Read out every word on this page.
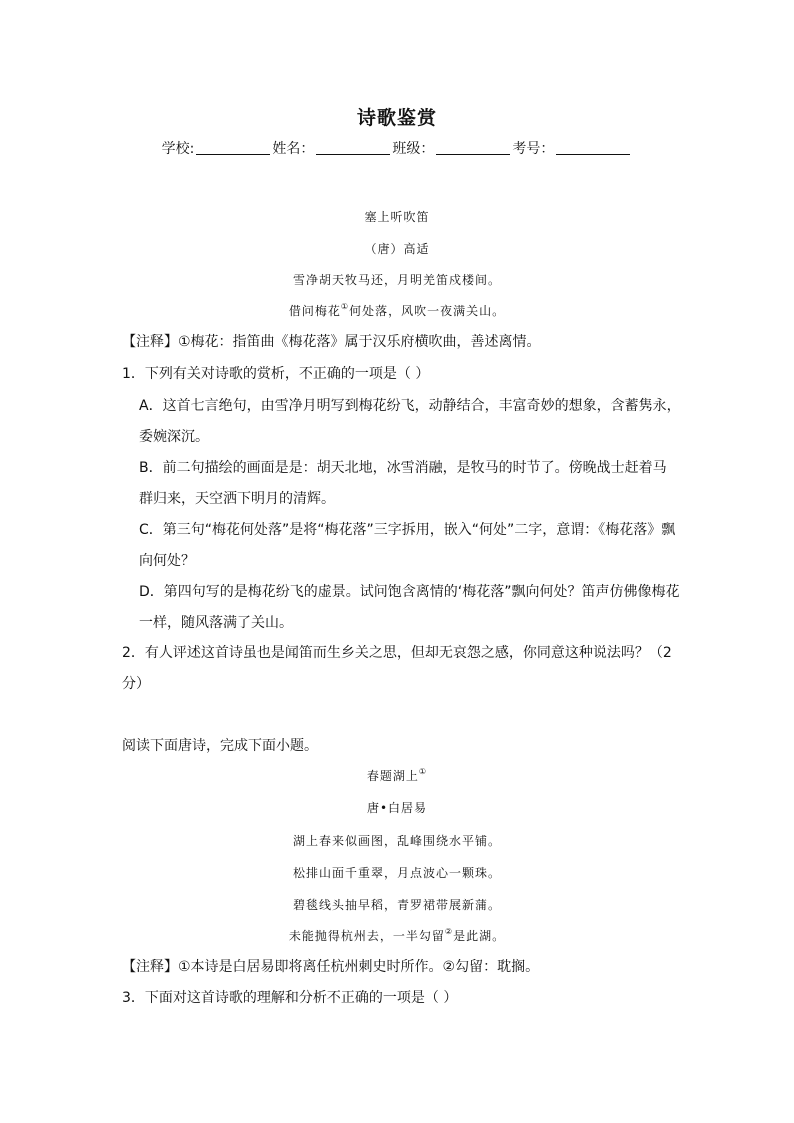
诗歌鉴赏
学校:	姓名：	班级：	考号：
塞上听吹笛
（唐）高适
雪净胡天牧马还，月明羌笛戍楼间。
借问梅花①何处落，风吹一夜满关山。
【注释】①梅花：指笛曲《梅花落》属于汉乐府横吹曲，善述离情。
1．下列有关对诗歌的赏析，不正确的一项是（ ）
A．这首七言绝句，由雪净月明写到梅花纷飞，动静结合，丰富奇妙的想象，含蓄隽永，
委婉深沉。
B．前二句描绘的画面是是：胡天北地，冰雪消融，是牧马的时节了。傍晚战士赶着马
群归来，天空洒下明月的清辉。
C．第三句“梅花何处落”是将“梅花落”三字拆用，嵌入“何处”二字，意谓：《梅花落》飘
向何处？
D．第四句写的是梅花纷飞的虚景。试问饱含离情的‘梅花落”飘向何处？笛声仿佛像梅花
一样，随风落满了关山。
2．有人评述这首诗虽也是闻笛而生乡关之思，但却无哀怨之感，你同意这种说法吗？（2
分）
阅读下面唐诗，完成下面小题。
春题湖上①
唐•白居易
湖上春来似画图，乱峰围绕水平铺。
松排山面千重翠，月点波心一颗珠。
碧毯线头抽早稻，青罗裙带展新蒲。
未能抛得杭州去，一半勾留②是此湖。
【注释】①本诗是白居易即将离任杭州刺史时所作。②勾留：耽搁。
3．下面对这首诗歌的理解和分析不正确的一项是（ ）
